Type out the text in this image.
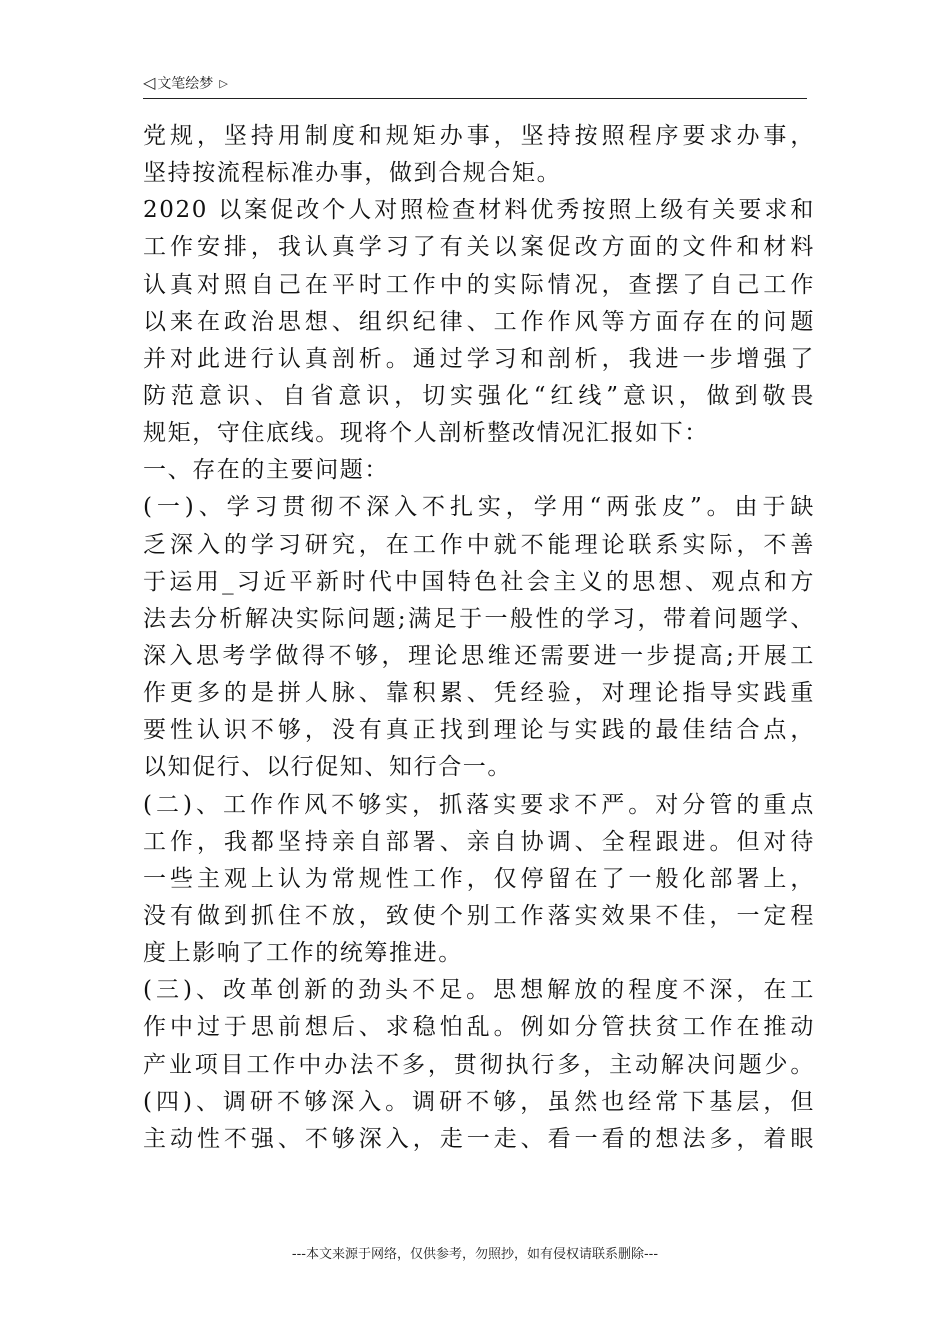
◁ 文笔绘梦 ▷
党规，坚持用制度和规矩办事，坚持按照程序要求办事，
坚持按流程标准办事，做到合规合矩。
2020 以案促改个人对照检查材料优秀按照上级有关要求和
工作安排，我认真学习了有关以案促改方面的文件和材料
认真对照自己在平时工作中的实际情况，查摆了自己工作
以来在政治思想、组织纪律、工作作风等方面存在的问题
并对此进行认真剖析。通过学习和剖析，我进一步增强了
防范意识、自省意识，切实强化“红线”意识，做到敬畏
规矩，守住底线。现将个人剖析整改情况汇报如下：
一、存在的主要问题：
(一)、学习贯彻不深入不扎实，学用“两张皮”。由于缺
乏深入的学习研究，在工作中就不能理论联系实际，不善
于运用_习近平新时代中国特色社会主义的思想、观点和方
法去分析解决实际问题;满足于一般性的学习，带着问题学、
深入思考学做得不够，理论思维还需要进一步提高;开展工
作更多的是拼人脉、靠积累、凭经验，对理论指导实践重
要性认识不够，没有真正找到理论与实践的最佳结合点，
以知促行、以行促知、知行合一。
(二)、工作作风不够实，抓落实要求不严。对分管的重点
工作，我都坚持亲自部署、亲自协调、全程跟进。但对待
一些主观上认为常规性工作，仅停留在了一般化部署上，
没有做到抓住不放，致使个别工作落实效果不佳，一定程
度上影响了工作的统筹推进。
(三)、改革创新的劲头不足。思想解放的程度不深，在工
作中过于思前想后、求稳怕乱。例如分管扶贫工作在推动
产业项目工作中办法不多，贯彻执行多，主动解决问题少。
(四)、调研不够深入。调研不够，虽然也经常下基层，但
主动性不强、不够深入，走一走、看一看的想法多，着眼
---本文来源于网络，仅供参考，勿照抄，如有侵权请联系删除---
